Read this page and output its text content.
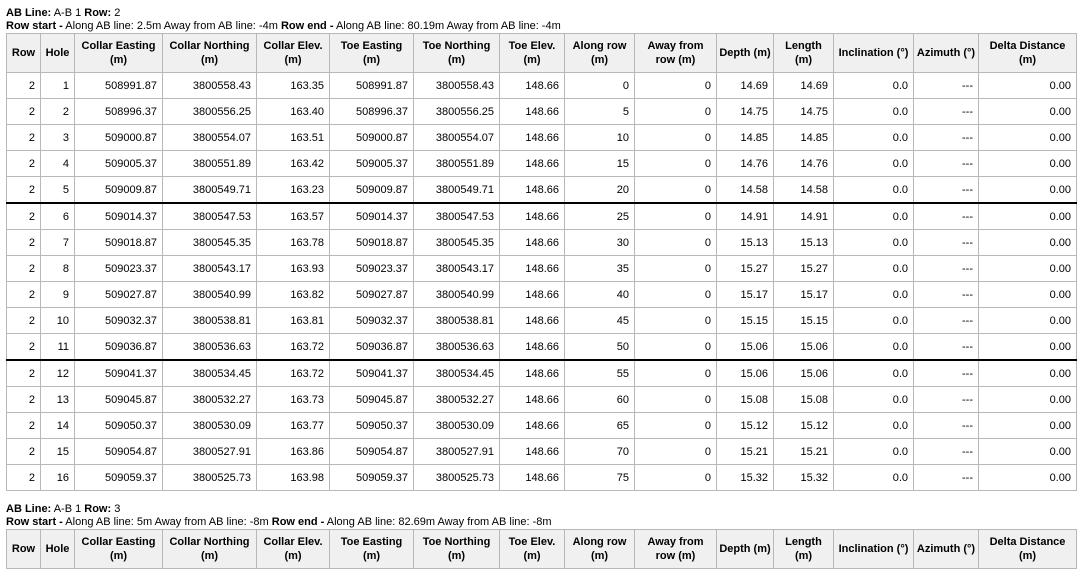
AB Line: A-B 1 Row: 2
Row start - Along AB line: 2.5m Away from AB line: -4m Row end - Along AB line: 80.19m Away from AB line: -4m
Row	Hole	Collar Easting (m)	Collar Northing (m)	Collar Elev. (m)	Toe Easting (m)	Toe Northing (m)	Toe Elev. (m)	Along row (m)	Away from row (m)	Depth (m)	Length (m)	Inclination (°)	Azimuth (°)	Delta Distance (m)
2	1	508991.87	3800558.43	163.35	508991.87	3800558.43	148.66	0	0	14.69	14.69	0.0	---	0.00
2	2	508996.37	3800556.25	163.40	508996.37	3800556.25	148.66	5	0	14.75	14.75	0.0	---	0.00
2	3	509000.87	3800554.07	163.51	509000.87	3800554.07	148.66	10	0	14.85	14.85	0.0	---	0.00
2	4	509005.37	3800551.89	163.42	509005.37	3800551.89	148.66	15	0	14.76	14.76	0.0	---	0.00
2	5	509009.87	3800549.71	163.23	509009.87	3800549.71	148.66	20	0	14.58	14.58	0.0	---	0.00
2	6	509014.37	3800547.53	163.57	509014.37	3800547.53	148.66	25	0	14.91	14.91	0.0	---	0.00
2	7	509018.87	3800545.35	163.78	509018.87	3800545.35	148.66	30	0	15.13	15.13	0.0	---	0.00
2	8	509023.37	3800543.17	163.93	509023.37	3800543.17	148.66	35	0	15.27	15.27	0.0	---	0.00
2	9	509027.87	3800540.99	163.82	509027.87	3800540.99	148.66	40	0	15.17	15.17	0.0	---	0.00
2	10	509032.37	3800538.81	163.81	509032.37	3800538.81	148.66	45	0	15.15	15.15	0.0	---	0.00
2	11	509036.87	3800536.63	163.72	509036.87	3800536.63	148.66	50	0	15.06	15.06	0.0	---	0.00
2	12	509041.37	3800534.45	163.72	509041.37	3800534.45	148.66	55	0	15.06	15.06	0.0	---	0.00
2	13	509045.87	3800532.27	163.73	509045.87	3800532.27	148.66	60	0	15.08	15.08	0.0	---	0.00
2	14	509050.37	3800530.09	163.77	509050.37	3800530.09	148.66	65	0	15.12	15.12	0.0	---	0.00
2	15	509054.87	3800527.91	163.86	509054.87	3800527.91	148.66	70	0	15.21	15.21	0.0	---	0.00
2	16	509059.37	3800525.73	163.98	509059.37	3800525.73	148.66	75	0	15.32	15.32	0.0	---	0.00
AB Line: A-B 1 Row: 3
Row start - Along AB line: 5m Away from AB line: -8m Row end - Along AB line: 82.69m Away from AB line: -8m
Row	Hole	Collar Easting (m)	Collar Northing (m)	Collar Elev. (m)	Toe Easting (m)	Toe Northing (m)	Toe Elev. (m)	Along row (m)	Away from row (m)	Depth (m)	Length (m)	Inclination (°)	Azimuth (°)	Delta Distance (m)
